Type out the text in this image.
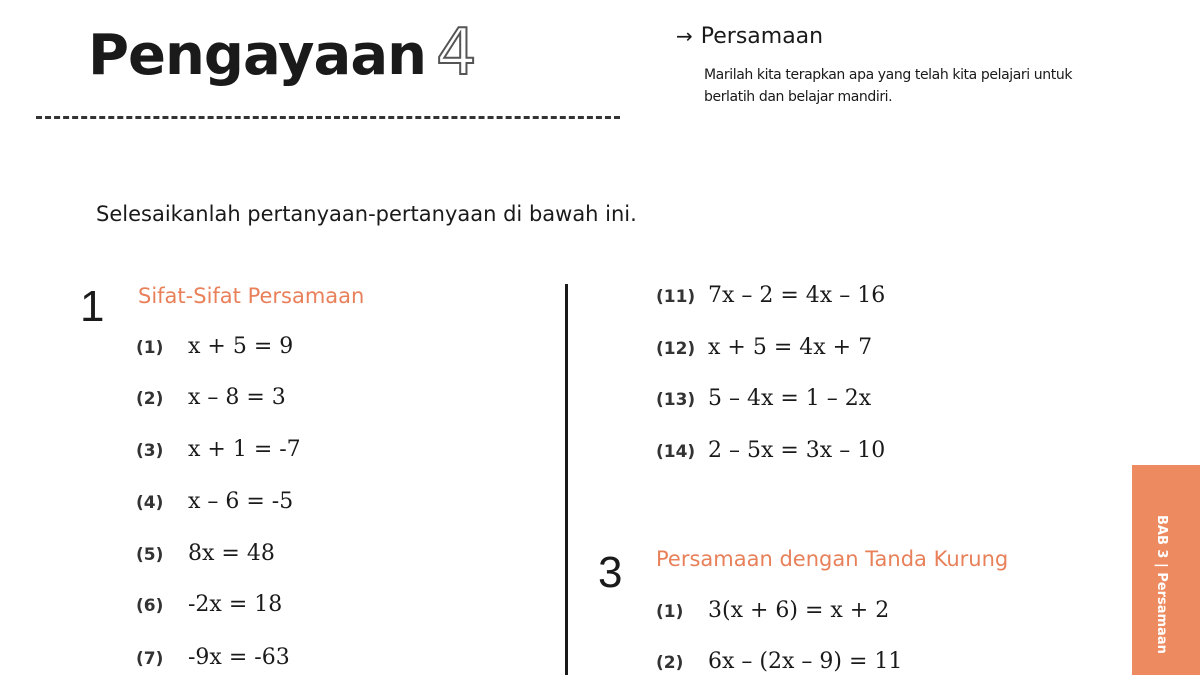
Pengayaan 4	→ Persamaan
Marilah kita terapkan apa yang telah kita pelajari untuk berlatih dan belajar mandiri.
Selesaikanlah pertanyaan-pertanyaan di bawah ini.
1 Sifat-Sifat Persamaan
(1) x + 5 = 9
(2) x – 8 = 3
(3) x + 1 = -7
(4) x – 6 = -5
(5) 8x = 48
(6) -2x = 18
(7) -9x = -63
(11) 7x – 2 = 4x – 16
(12) x + 5 = 4x + 7
(13) 5 – 4x = 1 – 2x
(14) 2 – 5x = 3x – 10
3 Persamaan dengan Tanda Kurung
(1) 3(x + 6) = x + 2
(2) 6x – (2x – 9) = 11
BAB 3 | Persamaan
